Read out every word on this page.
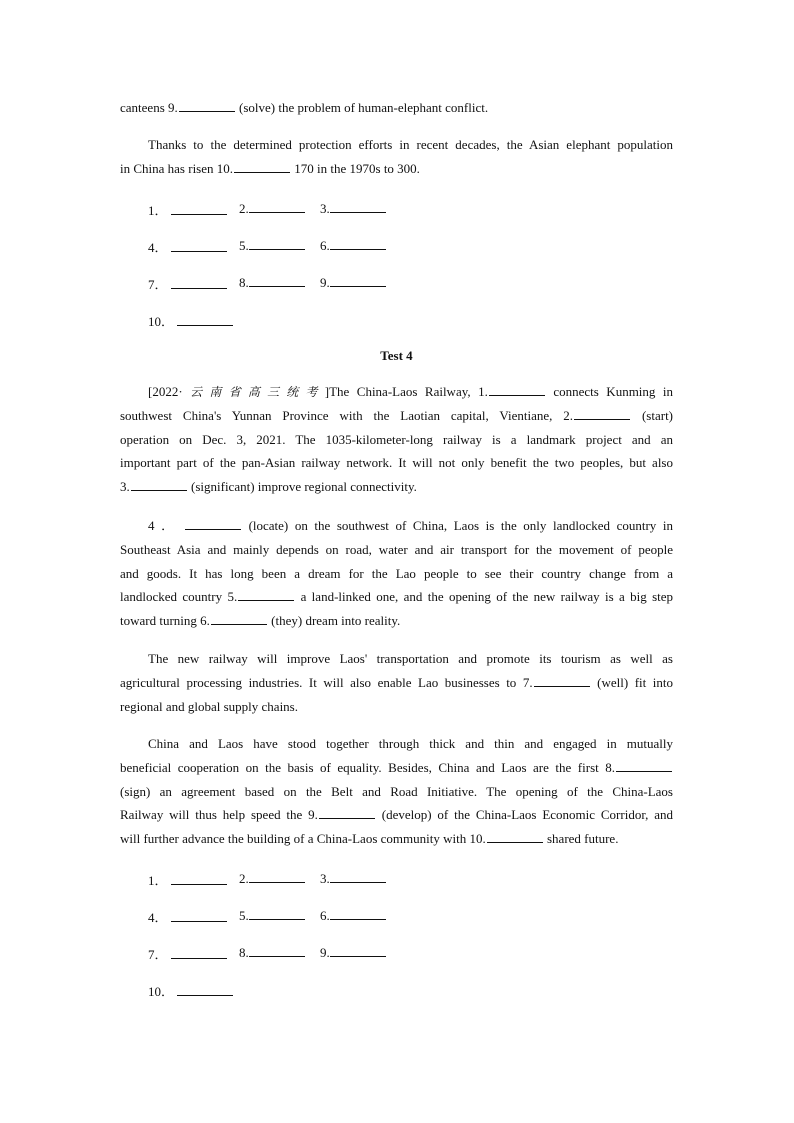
canteens 9.	(solve) the problem of human-elephant conflict.
Thanks to the determined protection efforts in recent decades, the Asian elephant population
in China has risen 10.	170 in the 1970s to 300.
1．	2.	3.
4．	5.	6.
7．	8.	9.
10．
Test 4
[2022· 云南省高三统考]The China-Laos Railway, 1.	connects Kunming in
southwest China's Yunnan Province with the Laotian capital, Vientiane, 2.	(start)
operation on Dec. 3, 2021. The 1035-kilometer-long railway is a landmark project and an
important part of the pan-Asian railway network. It will not only benefit the two peoples, but also
3.	(significant) improve regional connectivity.
4 ．	(locate) on the southwest of China, Laos is the only landlocked country in
Southeast Asia and mainly depends on road, water and air transport for the movement of people
and goods. It has long been a dream for the Lao people to see their country change from a
landlocked country 5.	a land-linked one, and the opening of the new railway is a big step
toward turning 6.	(they) dream into reality.
The new railway will improve Laos' transportation and promote its tourism as well as
agricultural processing industries. It will also enable Lao businesses to 7.	(well) fit into
regional and global supply chains.
China and Laos have stood together through thick and thin and engaged in mutually
beneficial cooperation on the basis of equality. Besides, China and Laos are the first 8.
(sign) an agreement based on the Belt and Road Initiative. The opening of the China-Laos
Railway will thus help speed the 9.	(develop) of the China-Laos Economic Corridor, and
will further advance the building of a China-Laos community with 10.	shared future.
1．	2.	3.
4．	5.	6.
7．	8.	9.
10．
